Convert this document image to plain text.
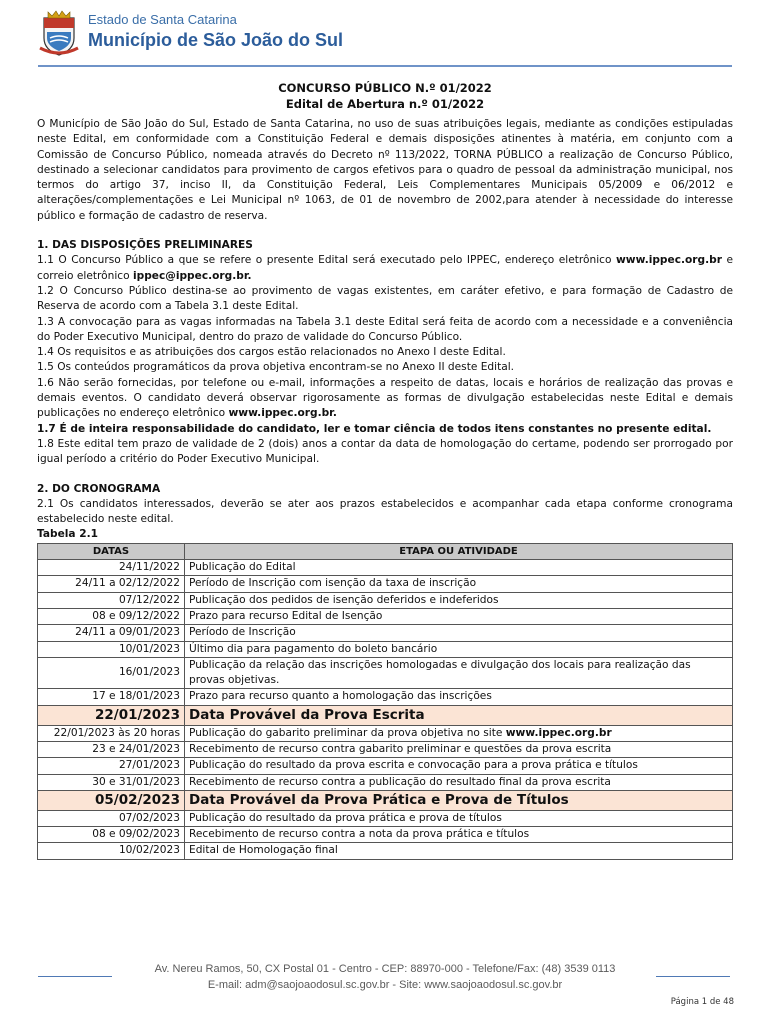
Estado de Santa Catarina
Município de São João do Sul
CONCURSO PÚBLICO N.º 01/2022
Edital de Abertura n.º 01/2022
O Município de São João do Sul, Estado de Santa Catarina, no uso de suas atribuições legais, mediante as condições estipuladas neste Edital, em conformidade com a Constituição Federal e demais disposições atinentes à matéria, em conjunto com a Comissão de Concurso Público, nomeada através do Decreto nº 113/2022, TORNA PÚBLICO a realização de Concurso Público, destinado a selecionar candidatos para provimento de cargos efetivos para o quadro de pessoal da administração municipal, nos termos do artigo 37, inciso II, da Constituição Federal, Leis Complementares Municipais 05/2009 e 06/2012 e alterações/complementações e Lei Municipal nº 1063, de 01 de novembro de 2002,para atender à necessidade do interesse público e formação de cadastro de reserva.
1. DAS DISPOSIÇÕES PRELIMINARES
1.1 O Concurso Público a que se refere o presente Edital será executado pelo IPPEC, endereço eletrônico www.ippec.org.br e correio eletrônico ippec@ippec.org.br.
1.2 O Concurso Público destina-se ao provimento de vagas existentes, em caráter efetivo, e para formação de Cadastro de Reserva de acordo com a Tabela 3.1 deste Edital.
1.3 A convocação para as vagas informadas na Tabela 3.1 deste Edital será feita de acordo com a necessidade e a conveniência do Poder Executivo Municipal, dentro do prazo de validade do Concurso Público.
1.4 Os requisitos e as atribuições dos cargos estão relacionados no Anexo I deste Edital.
1.5 Os conteúdos programáticos da prova objetiva encontram-se no Anexo II deste Edital.
1.6 Não serão fornecidas, por telefone ou e-mail, informações a respeito de datas, locais e horários de realização das provas e demais eventos. O candidato deverá observar rigorosamente as formas de divulgação estabelecidas neste Edital e demais publicações no endereço eletrônico www.ippec.org.br.
1.7 É de inteira responsabilidade do candidato, ler e tomar ciência de todos itens constantes no presente edital.
1.8 Este edital tem prazo de validade de 2 (dois) anos a contar da data de homologação do certame, podendo ser prorrogado por igual período a critério do Poder Executivo Municipal.
2. DO CRONOGRAMA
2.1 Os candidatos interessados, deverão se ater aos prazos estabelecidos e acompanhar cada etapa conforme cronograma estabelecido neste edital.
Tabela 2.1
DATAS	ETAPA OU ATIVIDADE
24/11/2022	Publicação do Edital
24/11 a 02/12/2022	Período de Inscrição com isenção da taxa de inscrição
07/12/2022	Publicação dos pedidos de isenção deferidos e indeferidos
08 e 09/12/2022	Prazo para recurso Edital de Isenção
24/11 a 09/01/2023	Período de Inscrição
10/01/2023	Último dia para pagamento do boleto bancário
16/01/2023	Publicação da relação das inscrições homologadas e divulgação dos locais para realização das provas objetivas.
17 e 18/01/2023	Prazo para recurso quanto a homologação das inscrições
22/01/2023	Data Provável da Prova Escrita
22/01/2023 às 20 horas	Publicação do gabarito preliminar da prova objetiva no site www.ippec.org.br
23 e 24/01/2023	Recebimento de recurso contra gabarito preliminar e questões da prova escrita
27/01/2023	Publicação do resultado da prova escrita e convocação para a prova prática e títulos
30 e 31/01/2023	Recebimento de recurso contra a publicação do resultado final da prova escrita
05/02/2023	Data Provável da Prova Prática e Prova de Títulos
07/02/2023	Publicação do resultado da prova prática e prova de títulos
08 e 09/02/2023	Recebimento de recurso contra a nota da prova prática e títulos
10/02/2023	Edital de Homologação final
Av. Nereu Ramos, 50, CX Postal 01 - Centro - CEP: 88970-000 - Telefone/Fax: (48) 3539 0113
E-mail: adm@saojoaodosul.sc.gov.br - Site: www.saojoaodosul.sc.gov.br
Página 1 de 48
